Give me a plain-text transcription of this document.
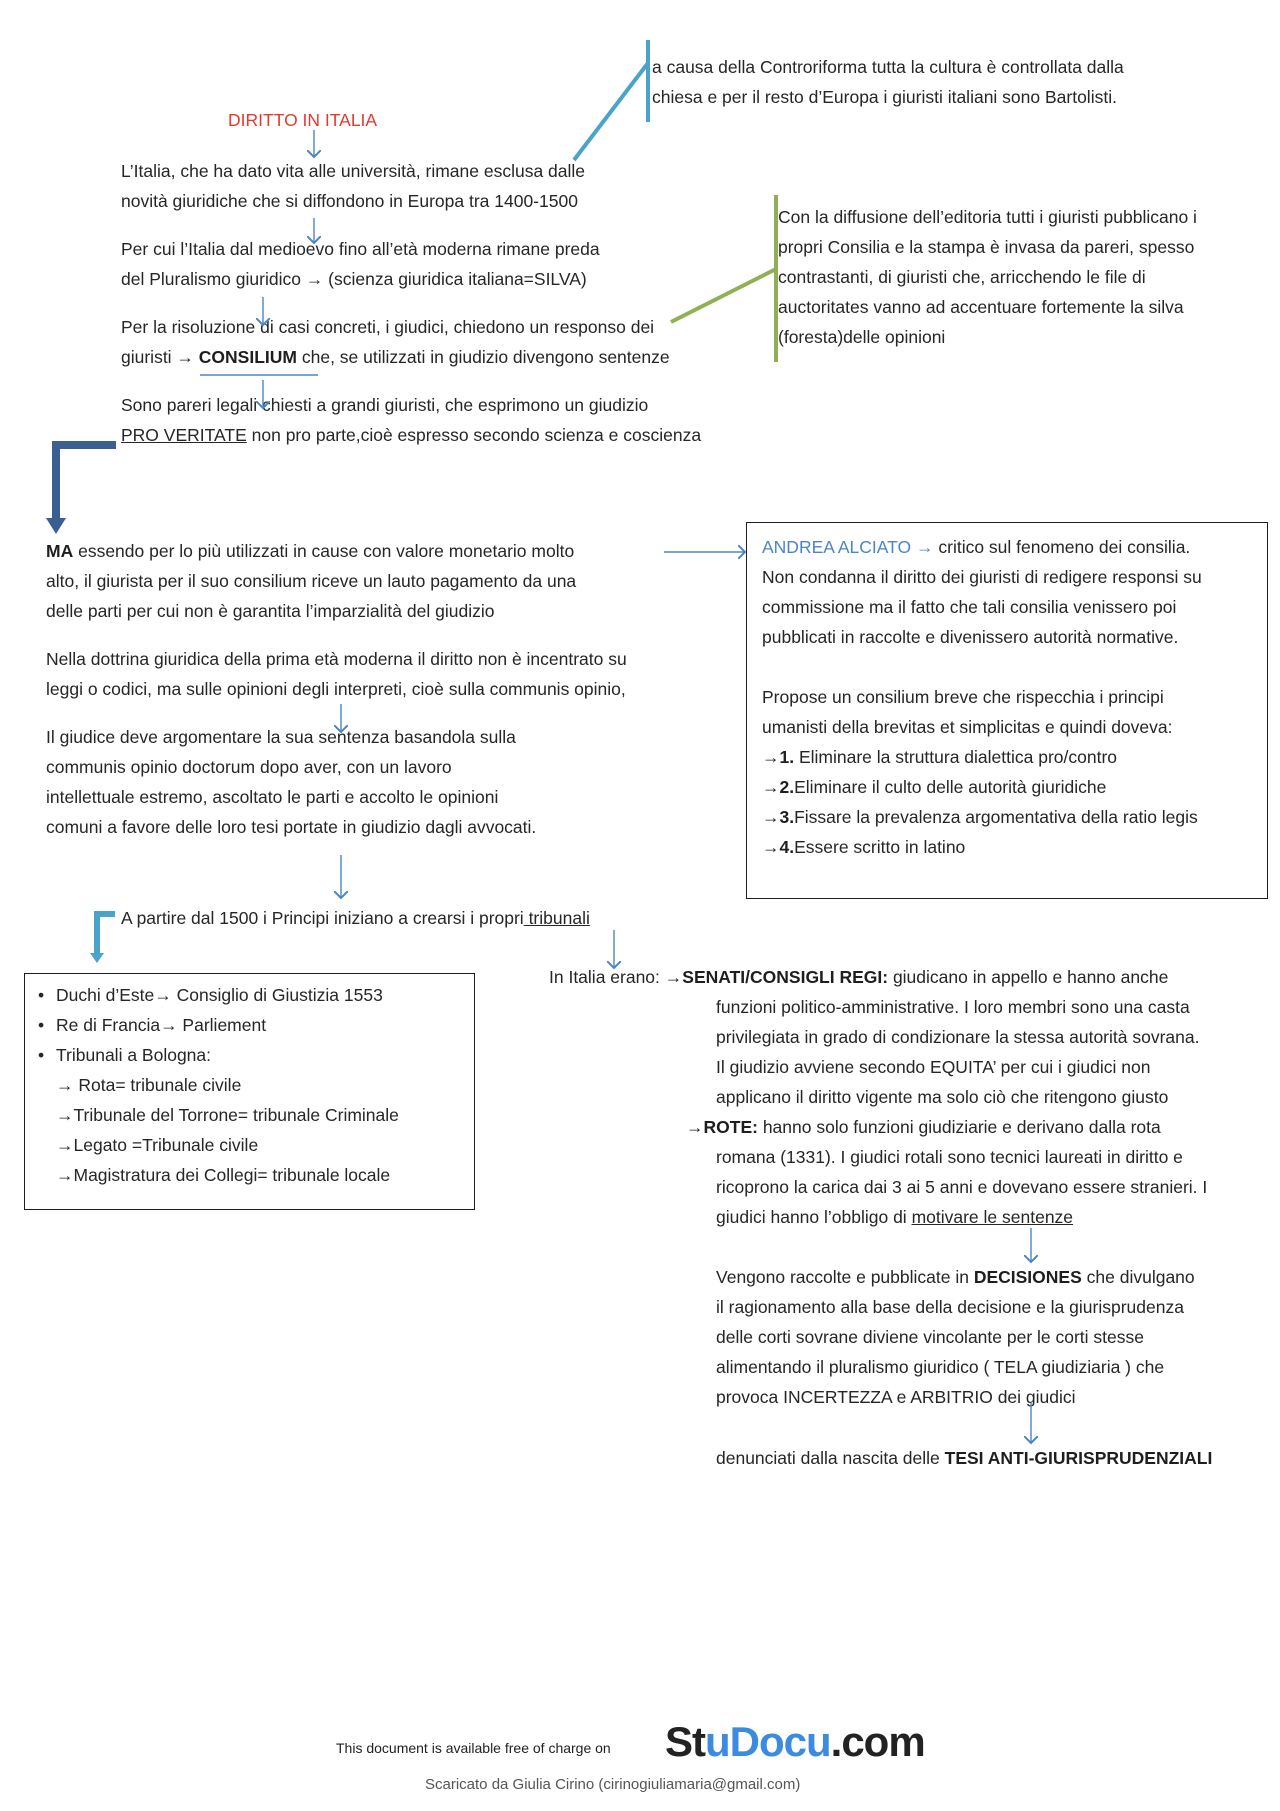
DIRITTO IN ITALIA

a causa della Controriforma tutta la cultura è controllata dalla

chiesa e per il resto d’Europa i giuristi italiani sono Bartolisti.

L’Italia, che ha dato vita alle università, rimane esclusa dalle

novità giuridiche che si diffondono in Europa tra 1400-1500

Per cui l’Italia dal medioevo fino all’età moderna rimane preda

del Pluralismo giuridico → (scienza giuridica italiana=SILVA)

Per la risoluzione di casi concreti, i giudici, chiedono un responso dei

giuristi → CONSILIUM che, se utilizzati in giudizio divengono sentenze

Sono pareri legali chiesti a grandi giuristi, che esprimono un giudizio

PRO VERITATE non pro parte,cioè espresso secondo scienza e coscienza

Con la diffusione dell’editoria tutti i giuristi pubblicano i

propri Consilia e la stampa è invasa da pareri, spesso

contrastanti, di giuristi che, arricchendo le file di

auctoritates vanno ad accentuare fortemente la silva

(foresta)delle opinioni

MA essendo per lo più utilizzati in cause con valore monetario molto

alto, il giurista per il suo consilium riceve un lauto pagamento da una

delle parti per cui non è garantita l’imparzialità del giudizio

Nella dottrina giuridica della prima età moderna il diritto non è incentrato su

leggi o codici, ma sulle opinioni degli interpreti, cioè sulla communis opinio,

Il giudice deve argomentare la sua sentenza basandola sulla

communis opinio doctorum dopo aver, con un lavoro

intellettuale estremo, ascoltato le parti e accolto le opinioni

comuni a favore delle loro tesi portate in giudizio dagli avvocati.

A partire dal 1500 i Principi iniziano a crearsi i propri tribunali

ANDREA ALCIATO → critico sul fenomeno dei consilia.

Non condanna il diritto dei giuristi di redigere responsi su

commissione ma il fatto che tali consilia venissero poi

pubblicati in raccolte e divenissero autorità normative.

Propose un consilium breve che rispecchia i principi

umanisti della brevitas et simplicitas e quindi doveva:

→1. Eliminare la struttura dialettica pro/contro

→2.Eliminare il culto delle autorità giuridiche

→3.Fissare la prevalenza argomentativa della ratio legis

→4.Essere scritto in latino

• Duchi d’Este→ Consiglio di Giustizia 1553
• Re di Francia→ Parliement
• Tribunali a Bologna:

→ Rota= tribunale civile

→Tribunale del Torrone= tribunale Criminale

→Legato =Tribunale civile

→Magistratura dei Collegi= tribunale locale

In Italia erano: →SENATI/CONSIGLI REGI: giudicano in appello e hanno anche

funzioni politico-amministrative. I loro membri sono una casta

privilegiata in grado di condizionare la stessa autorità sovrana.

Il giudizio avviene secondo EQUITA’ per cui i giudici non

applicano il diritto vigente ma solo ciò che ritengono giusto

→ROTE: hanno solo funzioni giudiziarie e derivano dalla rota

romana (1331). I giudici rotali sono tecnici laureati in diritto e

ricoprono la carica dai 3 ai 5 anni e dovevano essere stranieri. I

giudici hanno l’obbligo di motivare le sentenze

Vengono raccolte e pubblicate in DECISIONES che divulgano

il ragionamento alla base della decisione e la giurisprudenza

delle corti sovrane diviene vincolante per le corti stesse

alimentando il pluralismo giuridico ( TELA giudiziaria ) che

provoca INCERTEZZA e ARBITRIO dei giudici

denunciati dalla nascita delle TESI ANTI-GIURISPRUDENZIALI
This document is available free of charge on StuDocu.com
Scaricato da Giulia Cirino (cirinogiuliamaria@gmail.com)
